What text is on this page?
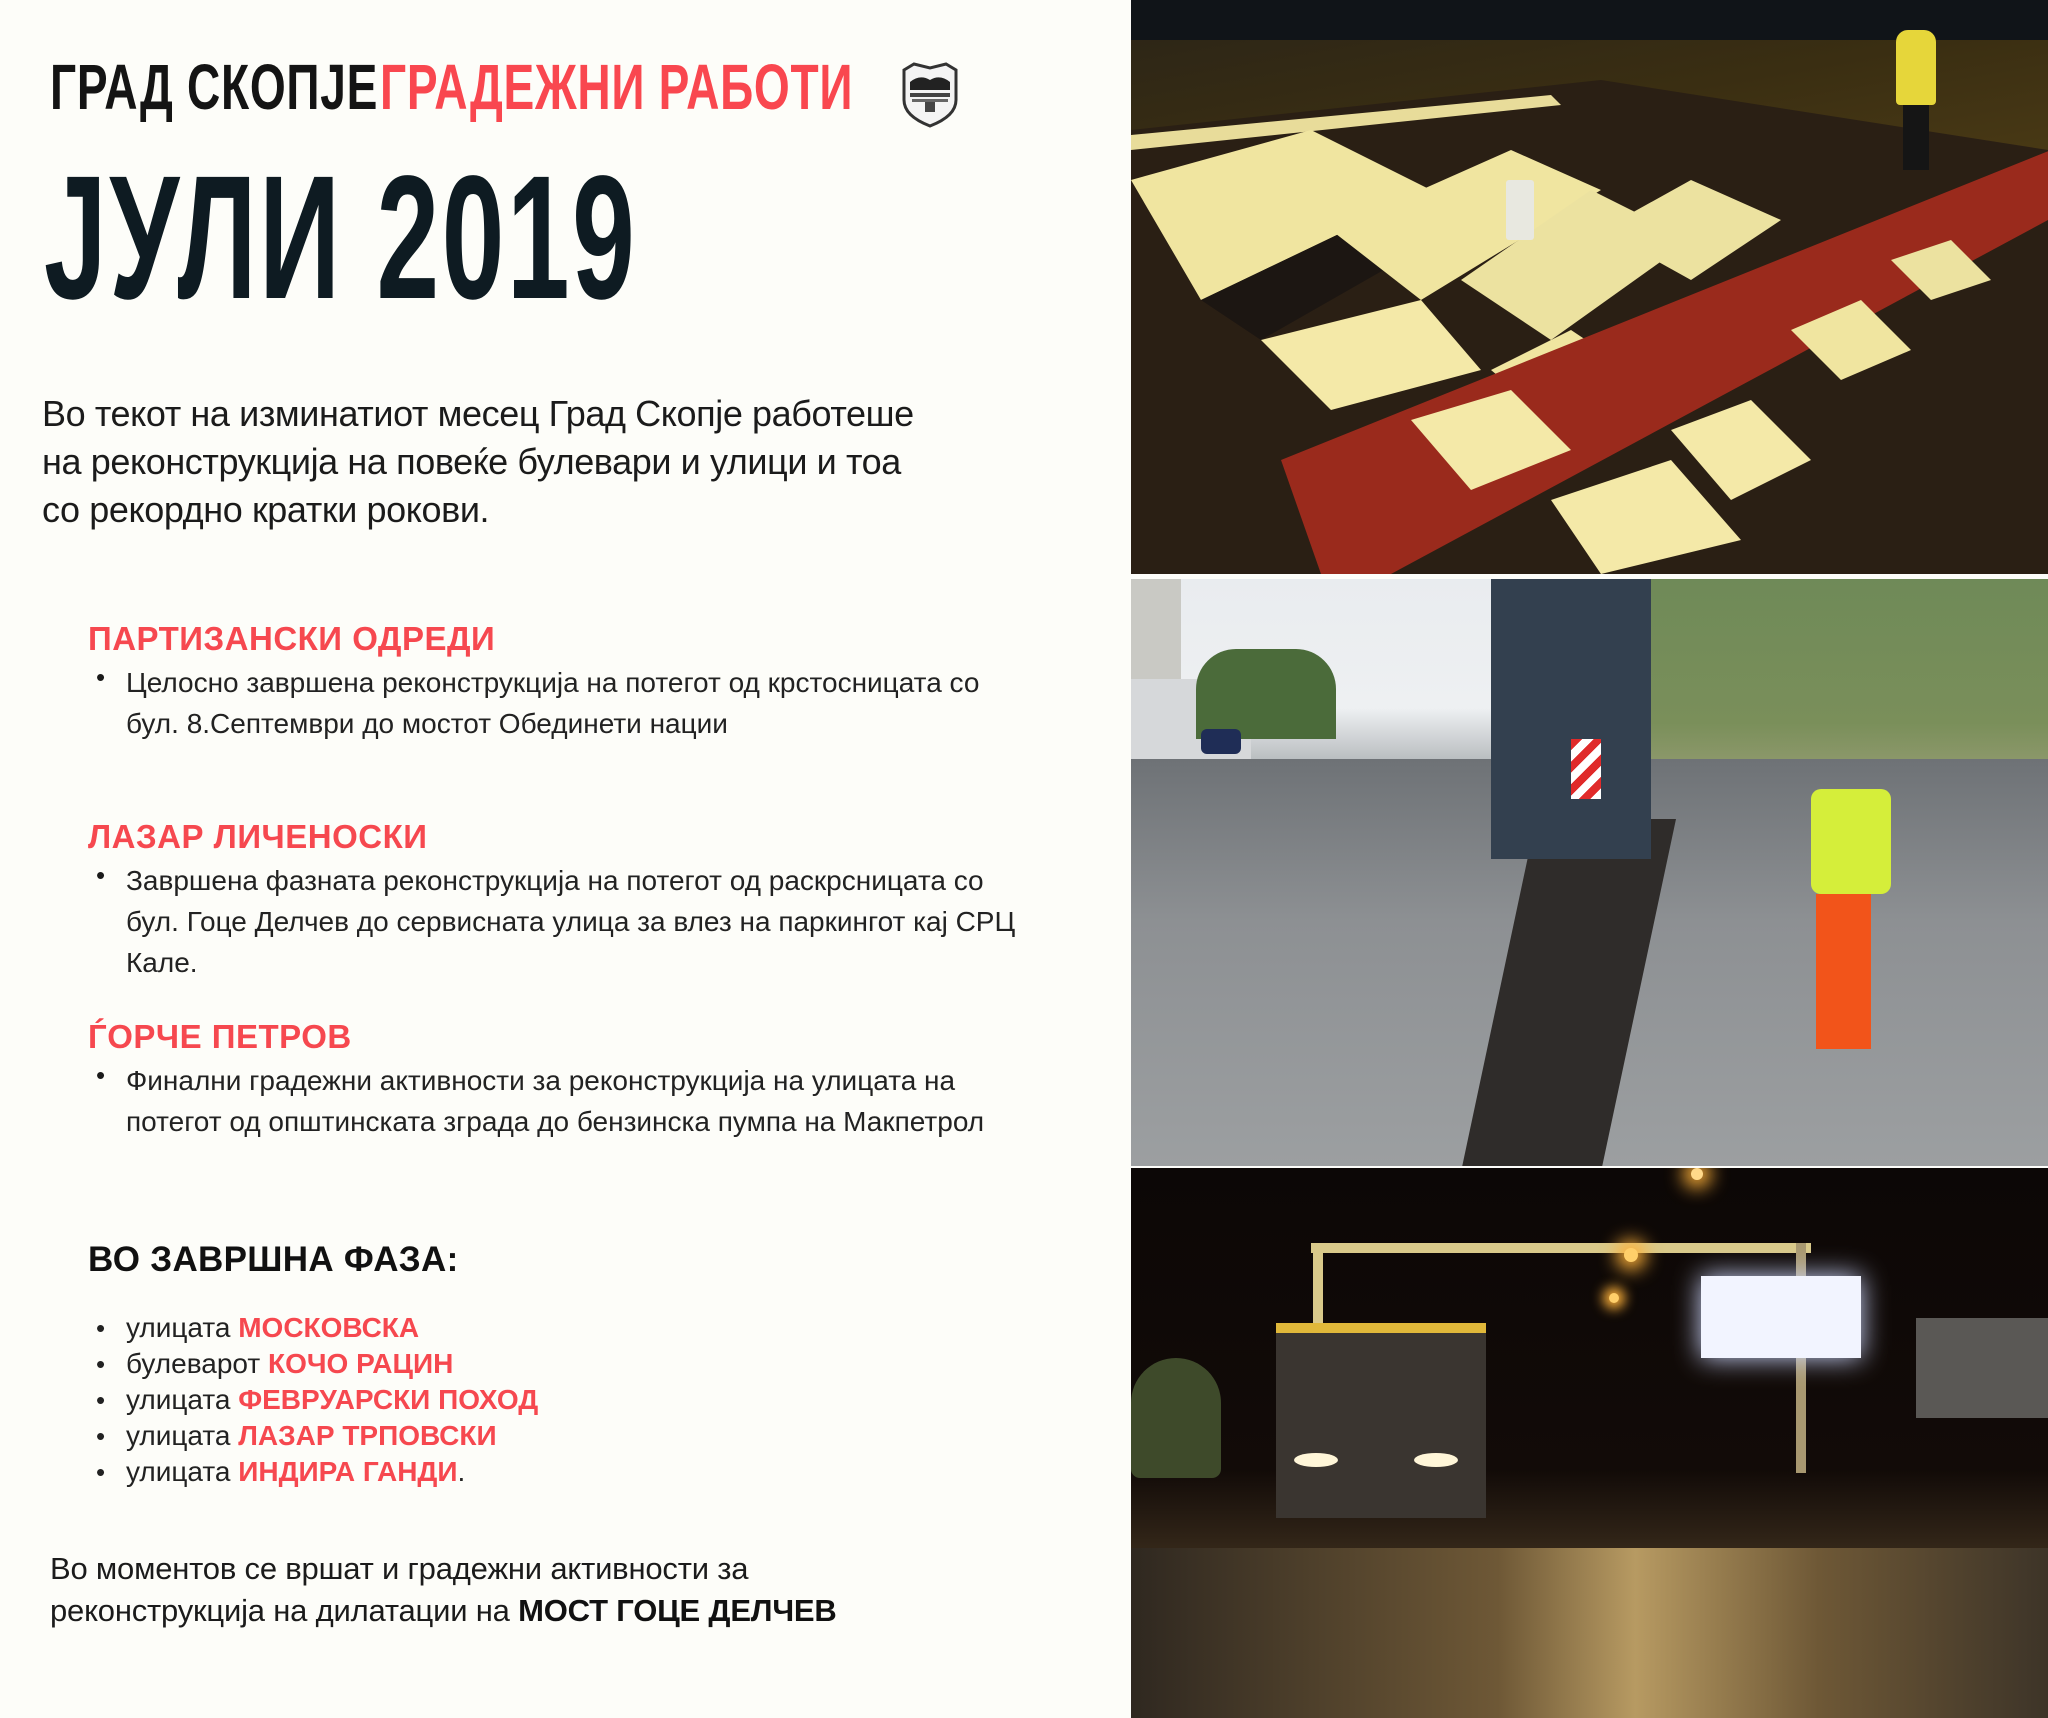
ГРАД СКОПЈЕ ГРАДЕЖНИ РАБОТИ
ЈУЛИ 2019
Во текот на изминатиот месец Град Скопје работеше на реконструкција на повеќе булевари и улици и тоа со рекордно кратки рокови.
ПАРТИЗАНСКИ ОДРЕДИ
• Целосно завршена реконструкција на потегот од крстосницата со бул. 8.Септември до мостот Обединети нации
ЛАЗАР ЛИЧЕНОСКИ
• Завршена фазната реконструкција на потегот од раскрсницата со бул. Гоце Делчев до сервисната улица за влез на паркингот кај СРЦ Кале.
ЃОРЧЕ ПЕТРОВ
• Финални градежни активности за реконструкција на улицата на потегот од општинската зграда до бензинска пумпа на Макпетрол
ВО ЗАВРШНА ФАЗА:
• улицата
МОСКОВСКА
• булеварот
КОЧО РАЦИН
• улицата
ФЕВРУАРСКИ ПОХОД
• улицата
ЛАЗАР ТРПОВСКИ
• улицата
ИНДИРА ГАНДИ .
Во моментов се вршат и градежни активности за
реконструкција на дилатации на МОСТ ГОЦЕ ДЕЛЧЕВ
